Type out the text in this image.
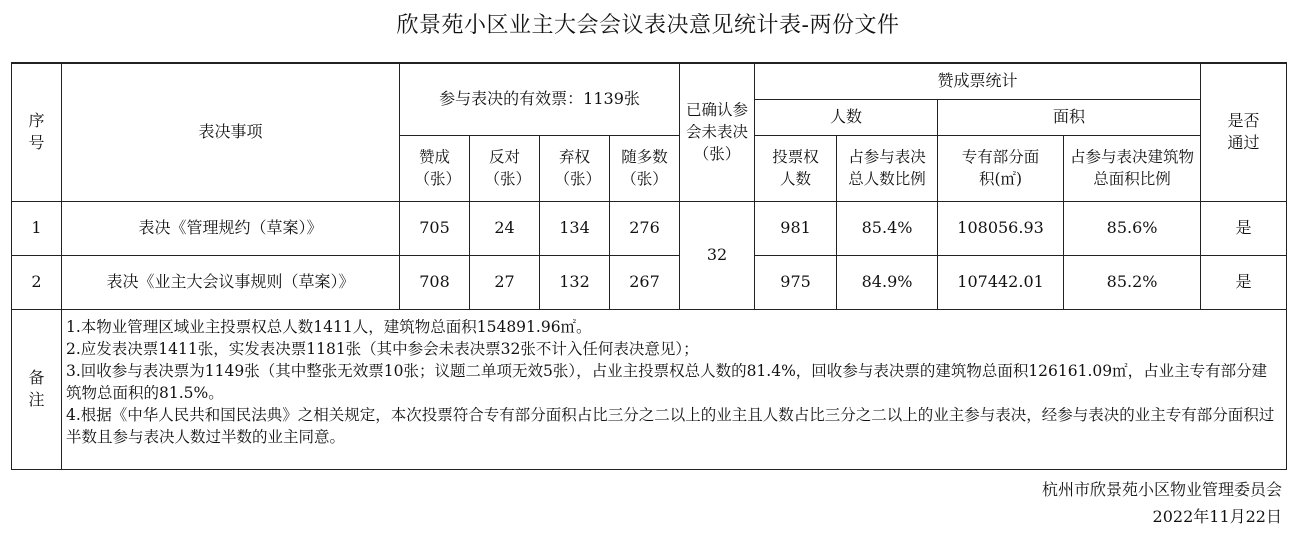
欣景苑小区业主大会会议表决意见统计表-两份文件
序号	表决事项	参与表决的有效票：1139张				已确认参会未表决（张）	赞成票统计				是否通过
							人数		面积		
		赞成（张）	反对（张）	弃权（张）	随多数（张）		投票权人数	占参与表决总人数比例	专有部分面积(㎡)	占参与表决建筑物总面积比例	
1	表决《管理规约（草案）》	705	24	134	276	32	981	85.4%	108056.93	85.6%	是
2	表决《业主大会议事规则（草案）》	708	27	132	267		975	84.9%	107442.01	85.2%	是
备注	1.本物业管理区域业主投票权总人数1411人，建筑物总面积154891.96㎡。
2.应发表决票1411张，实发表决票1181张（其中参会未表决票32张不计入任何表决意见）；
3.回收参与表决票为1149张（其中整张无效票10张；议题二单项无效5张），占业主投票权总人数的81.4%，回收参与表决票的建筑物总面积126161.09㎡，占业主专有部分建筑物总面积的81.5%。
4.根据《中华人民共和国民法典》之相关规定，本次投票符合专有部分面积占比三分之二以上的业主且人数占比三分之二以上的业主参与表决，经参与表决的业主专有部分面积过半数且参与表决人数过半数的业主同意。										
杭州市欣景苑小区物业管理委员会
2022年11月22日
